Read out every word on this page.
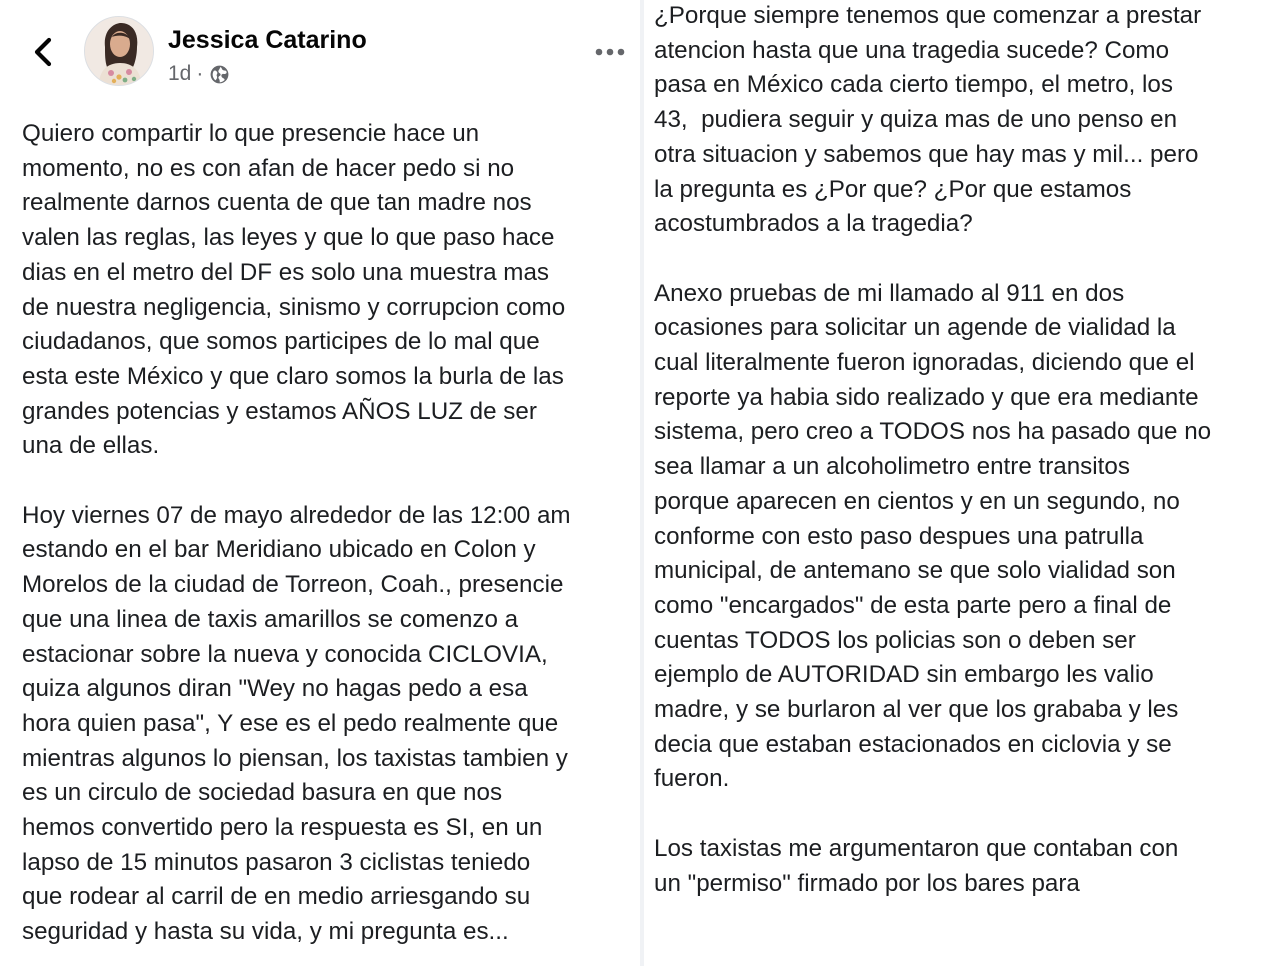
Jessica Catarino
1d ·

Quiero compartir lo que presencie hace un
momento, no es con afan de hacer pedo si no
realmente darnos cuenta de que tan madre nos
valen las reglas, las leyes y que lo que paso hace
dias en el metro del DF es solo una muestra mas
de nuestra negligencia, sinismo y corrupcion como
ciudadanos, que somos participes de lo mal que
esta este México y que claro somos la burla de las
grandes potencias y estamos AÑOS LUZ de ser
una de ellas.

Hoy viernes 07 de mayo alrededor de las 12:00 am
estando en el bar Meridiano ubicado en Colon y
Morelos de la ciudad de Torreon, Coah., presencie
que una linea de taxis amarillos se comenzo a
estacionar sobre la nueva y conocida CICLOVIA,
quiza algunos diran "Wey no hagas pedo a esa
hora quien pasa", Y ese es el pedo realmente que
mientras algunos lo piensan, los taxistas tambien y
es un circulo de sociedad basura en que nos
hemos convertido pero la respuesta es SI, en un
lapso de 15 minutos pasaron 3 ciclistas teniedo
que rodear al carril de en medio arriesgando su
seguridad y hasta su vida, y mi pregunta es...

¿Porque siempre tenemos que comenzar a prestar
atencion hasta que una tragedia sucede? Como
pasa en México cada cierto tiempo, el metro, los
43,  pudiera seguir y quiza mas de uno penso en
otra situacion y sabemos que hay mas y mil... pero
la pregunta es ¿Por que? ¿Por que estamos
acostumbrados a la tragedia?

Anexo pruebas de mi llamado al 911 en dos
ocasiones para solicitar un agende de vialidad la
cual literalmente fueron ignoradas, diciendo que el
reporte ya habia sido realizado y que era mediante
sistema, pero creo a TODOS nos ha pasado que no
sea llamar a un alcoholimetro entre transitos
porque aparecen en cientos y en un segundo, no
conforme con esto paso despues una patrulla
municipal, de antemano se que solo vialidad son
como "encargados" de esta parte pero a final de
cuentas TODOS los policias son o deben ser
ejemplo de AUTORIDAD sin embargo les valio
madre, y se burlaron al ver que los grababa y les
decia que estaban estacionados en ciclovia y se
fueron.

Los taxistas me argumentaron que contaban con
un "permiso" firmado por los bares para
